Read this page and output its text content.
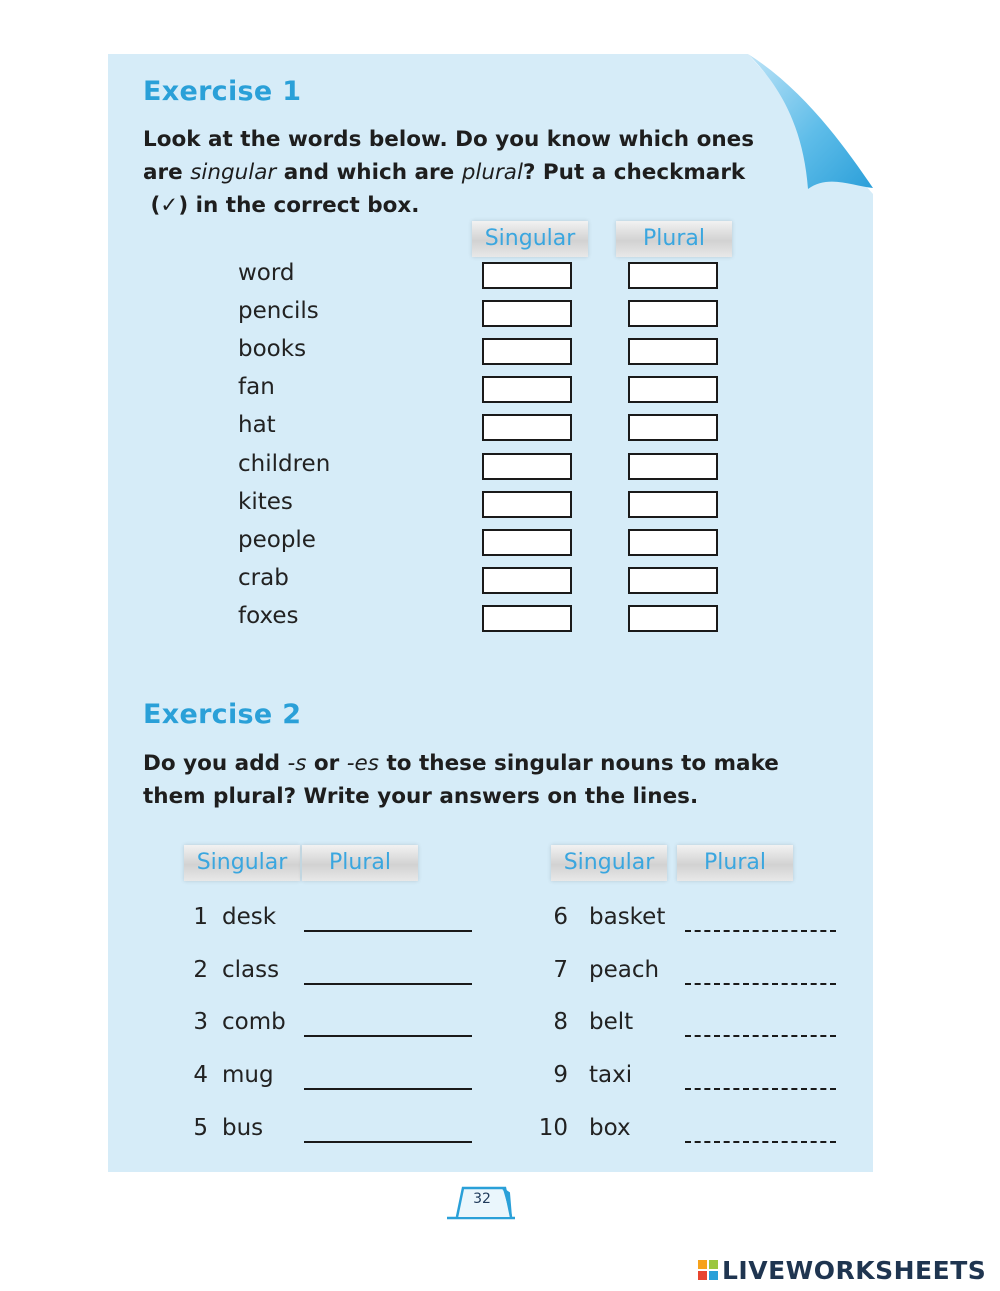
Exercise 1
Look at the words below. Do you know which ones
are singular and which are plural? Put a checkmark
(✓) in the correct box.
Singular	Plural
word
pencils
books
fan
hat
children
kites
people
crab
foxes
Exercise 2
Do you add -s or -es to these singular nouns to make
them plural? Write your answers on the lines.
Singular	Plural	Singular	Plural
1 desk
2 class
3 comb
4 mug
5 bus
6 basket
7 peach
8 belt
9 taxi
10 box
32
LIVEWORKSHEETS
